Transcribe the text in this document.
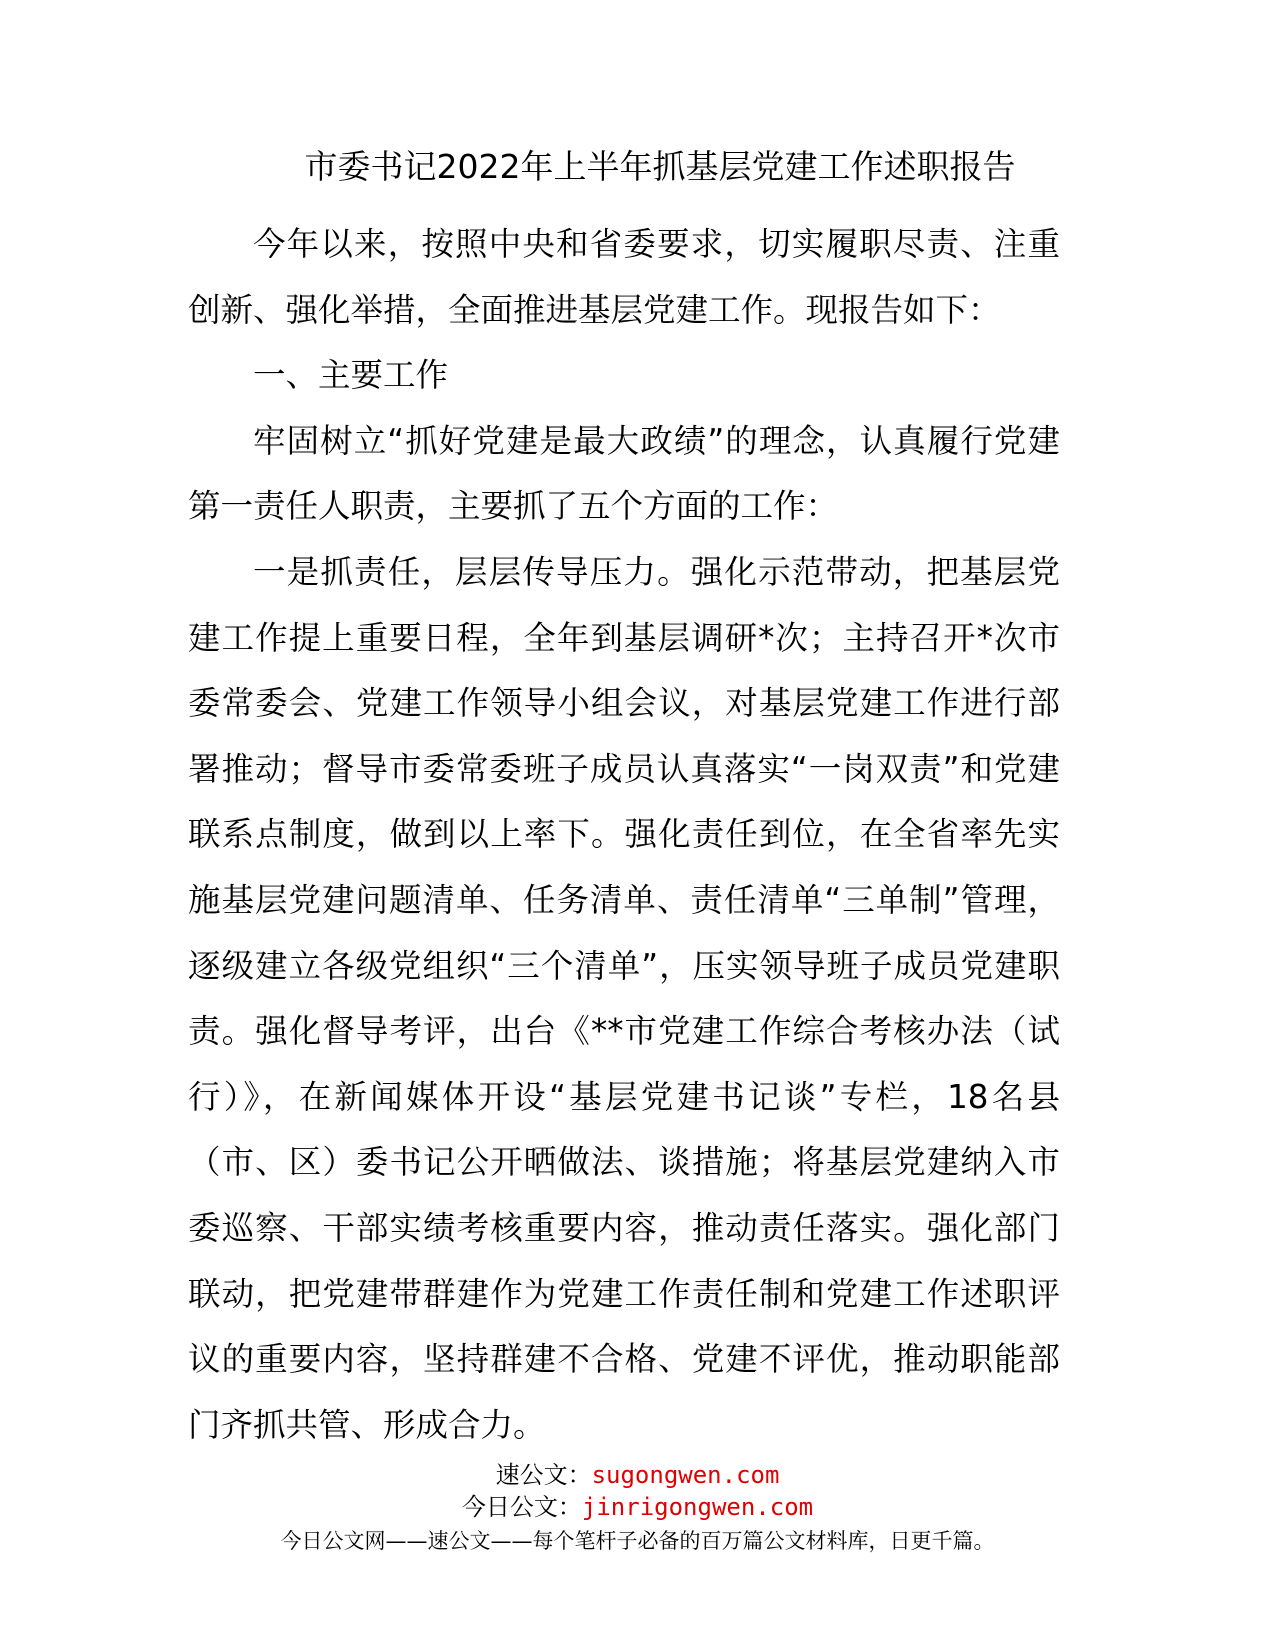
市委书记2022年上半年抓基层党建工作述职报告

今年以来，按照中央和省委要求，切实履职尽责、注重创新、强化举措，全面推进基层党建工作。现报告如下：

一、主要工作

牢固树立“抓好党建是最大政绩”的理念，认真履行党建第一责任人职责，主要抓了五个方面的工作：

一是抓责任，层层传导压力。强化示范带动，把基层党建工作提上重要日程，全年到基层调研*次；主持召开*次市委常委会、党建工作领导小组会议，对基层党建工作进行部署推动；督导市委常委班子成员认真落实“一岗双责”和党建联系点制度，做到以上率下。强化责任到位，在全省率先实施基层党建问题清单、任务清单、责任清单“三单制”管理，逐级建立各级党组织“三个清单”，压实领导班子成员党建职责。强化督导考评，出台《**市党建工作综合考核办法（试行）》，在新闻媒体开设“基层党建书记谈”专栏，18名县（市、区）委书记公开晒做法、谈措施；将基层党建纳入市委巡察、干部实绩考核重要内容，推动责任落实。强化部门联动，把党建带群建作为党建工作责任制和党建工作述职评议的重要内容，坚持群建不合格、党建不评优，推动职能部门齐抓共管、形成合力。

速公文：sugongwen.com
今日公文：jinrigongwen.com
今日公文网——速公文——每个笔杆子必备的百万篇公文材料库，日更千篇。
